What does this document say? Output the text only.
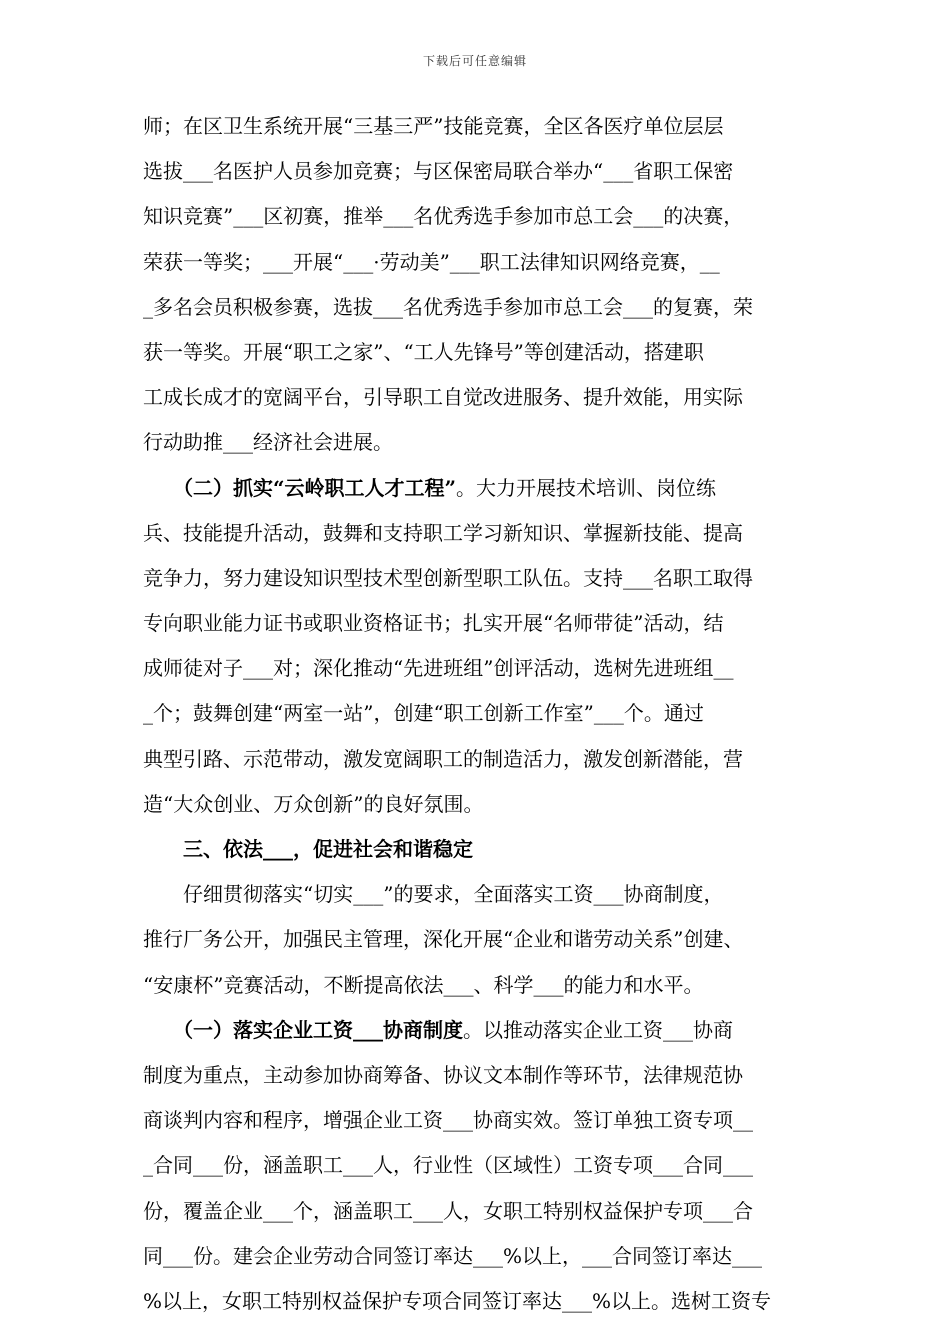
下载后可任意编辑
师；在区卫生系统开展“三基三严”技能竞赛，全区各医疗单位层层
选拔___名医护人员参加竞赛；与区保密局联合举办“___省职工保密
知识竞赛”___区初赛，推举___名优秀选手参加市总工会___的决赛，
荣获一等奖；___开展“___·劳动美”___职工法律知识网络竞赛，__
_多名会员积极参赛，选拔___名优秀选手参加市总工会___的复赛，荣
获一等奖。开展“职工之家”、“工人先锋号”等创建活动，搭建职
工成长成才的宽阔平台，引导职工自觉改进服务、提升效能，用实际
行动助推___经济社会进展。
　　（二）抓实“云岭职工人才工程”。大力开展技术培训、岗位练
兵、技能提升活动，鼓舞和支持职工学习新知识、掌握新技能、提高
竞争力，努力建设知识型技术型创新型职工队伍。支持___名职工取得
专向职业能力证书或职业资格证书；扎实开展“名师带徒”活动，结
成师徒对子___对；深化推动“先进班组”创评活动，选树先进班组__
_个；鼓舞创建“两室一站”，创建“职工创新工作室”___个。通过
典型引路、示范带动，激发宽阔职工的制造活力，激发创新潜能，营
造“大众创业、万众创新”的良好氛围。
　　三、依法___，促进社会和谐稳定
　　仔细贯彻落实“切实___”的要求，全面落实工资___协商制度，
推行厂务公开，加强民主管理，深化开展“企业和谐劳动关系”创建、
“安康杯”竞赛活动，不断提高依法___、科学___的能力和水平。
　　（一）落实企业工资___协商制度。以推动落实企业工资___协商
制度为重点，主动参加协商筹备、协议文本制作等环节，法律规范协
商谈判内容和程序，增强企业工资___协商实效。签订单独工资专项__
_合同___份，涵盖职工___人，行业性（区域性）工资专项___合同___
份，覆盖企业___个，涵盖职工___人，女职工特别权益保护专项___合
同___份。建会企业劳动合同签订率达___%以上，___合同签订率达___
%以上，女职工特别权益保护专项合同签订率达___%以上。选树工资专
